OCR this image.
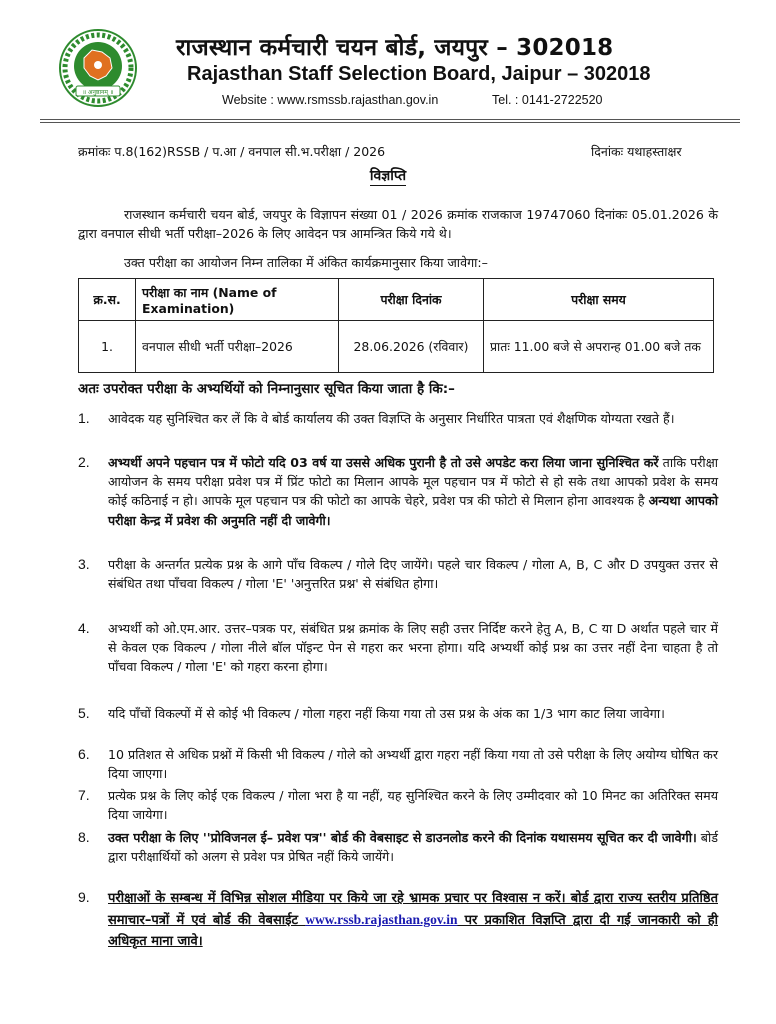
॥ अनुष्ठानम् ॥
राजस्थान कर्मचारी चयन बोर्ड, जयपुर – 302018
Rajasthan Staff Selection Board, Jaipur – 302018
Website : www.rsmssb.rajasthan.gov.in	Tel. : 0141-2722520
क्रमांकः प.8(162)RSSB / प.आ / वनपाल सी.भ.परीक्षा / 2026	दिनांकः यथाहस्ताक्षर
विज्ञप्ति
राजस्थान कर्मचारी चयन बोर्ड, जयपुर के विज्ञापन संख्या 01 / 2026 क्रमांक राजकाज 19747060 दिनांकः 05.01.2026 के द्वारा वनपाल सीधी भर्ती परीक्षा–2026 के लिए आवेदन पत्र आमन्त्रित किये गये थे।
उक्त परीक्षा का आयोजन निम्न तालिका में अंकित कार्यक्रमानुसार किया जावेगा:–
क्र.स.	परीक्षा का नाम (Name of Examination)	परीक्षा दिनांक	परीक्षा समय
1.	वनपाल सीधी भर्ती परीक्षा–2026	28.06.2026 (रविवार)	प्रातः 11.00 बजे से अपरान्ह 01.00 बजे तक
अतः उपरोक्त परीक्षा के अभ्यर्थियों को निम्नानुसार सूचित किया जाता है कि:–
1.	आवेदक यह सुनिश्चित कर लें कि वे बोर्ड कार्यालय की उक्त विज्ञप्ति के अनुसार निर्धारित पात्रता एवं शैक्षणिक योग्यता रखते हैं।
2.	अभ्यर्थी अपने पहचान पत्र में फोटो यदि 03 वर्ष या उससे अधिक पुरानी है तो उसे अपडेट करा लिया जाना सुनिश्चित करें ताकि परीक्षा आयोजन के समय परीक्षा प्रवेश पत्र में प्रिंट फोटो का मिलान आपके मूल पहचान पत्र में फोटो से हो सके तथा आपको प्रवेश के समय कोई कठिनाई न हो। आपके मूल पहचान पत्र की फोटो का आपके चेहरे, प्रवेश पत्र की फोटो से मिलान होना आवश्यक है अन्यथा आपको परीक्षा केन्द्र में प्रवेश की अनुमति नहीं दी जावेगी।
3.	परीक्षा के अन्तर्गत प्रत्येक प्रश्न के आगे पाँच विकल्प / गोले दिए जायेंगे। पहले चार विकल्प / गोला A, B, C और D उपयुक्त उत्तर से संबंधित तथा पाँचवा विकल्प / गोला 'E' 'अनुत्तरित प्रश्न' से संबंधित होगा।
4.	अभ्यर्थी को ओ.एम.आर. उत्तर–पत्रक पर, संबंधित प्रश्न क्रमांक के लिए सही उत्तर निर्दिष्ट करने हेतु A, B, C या D अर्थात पहले चार में से केवल एक विकल्प / गोला नीले बॉल पॉइन्ट पेन से गहरा कर भरना होगा। यदि अभ्यर्थी कोई प्रश्न का उत्तर नहीं देना चाहता है तो पाँचवा विकल्प / गोला 'E' को गहरा करना होगा।
5.	यदि पाँचों विकल्पों में से कोई भी विकल्प / गोला गहरा नहीं किया गया तो उस प्रश्न के अंक का 1/3 भाग काट लिया जावेगा।
6.	10 प्रतिशत से अधिक प्रश्नों में किसी भी विकल्प / गोले को अभ्यर्थी द्वारा गहरा नहीं किया गया तो उसे परीक्षा के लिए अयोग्य घोषित कर दिया जाएगा।
7.	प्रत्येक प्रश्न के लिए कोई एक विकल्प / गोला भरा है या नहीं, यह सुनिश्चित करने के लिए उम्मीदवार को 10 मिनट का अतिरिक्त समय दिया जायेगा।
8.	उक्त परीक्षा के लिए ''प्रोविजनल ई– प्रवेश पत्र'' बोर्ड की वेबसाइट से डाउनलोड करने की दिनांक यथासमय सूचित कर दी जावेगी। बोर्ड द्वारा परीक्षार्थियों को अलग से प्रवेश पत्र प्रेषित नहीं किये जायेंगे।
9.	परीक्षाओं के सम्बन्ध में विभिन्न सोशल मीडिया पर किये जा रहे भ्रामक प्रचार पर विश्वास न करें। बोर्ड द्वारा राज्य स्तरीय प्रतिष्ठित समाचार–पत्रों में एवं बोर्ड की वेबसाईट www.rssb.rajasthan.gov.in पर प्रकाशित विज्ञप्ति द्वारा दी गई जानकारी को ही अधिकृत माना जावे।
